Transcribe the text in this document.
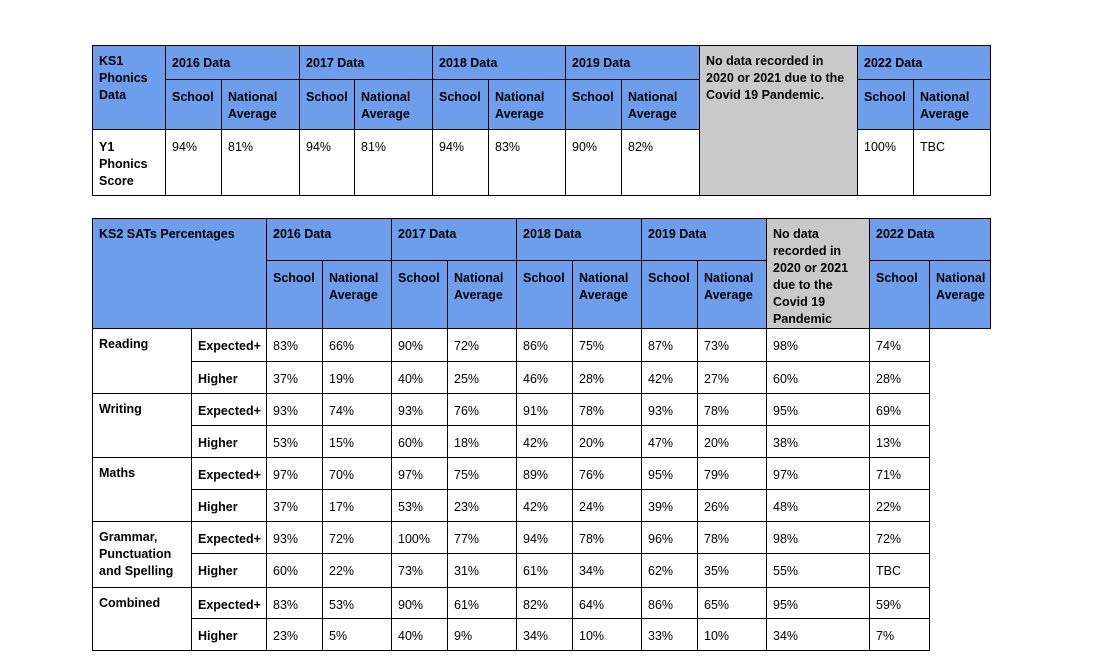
KS1 Phonics Data	2016 Data		2017 Data		2018 Data		2019 Data		No data recorded in 2020 or 2021 due to the Covid 19 Pandemic.	2022 Data	
	School	National Average	School	National Average	School	National Average	School	National Average		School	National Average
Y1 Phonics Score	94%	81%	94%	81%	94%	83%	90%	82%		100%	TBC
KS2 SATs Percentages		2016 Data		2017 Data		2018 Data		2019 Data		No data recorded in 2020 or 2021 due to the Covid 19 Pandemic	2022 Data	
		School	National Average	School	National Average	School	National Average	School	National Average		School	National Average
Reading	Expected+	83%	66%	90%	72%	86%	75%	87%	73%	98%	74%	
	Higher	37%	19%	40%	25%	46%	28%	42%	27%	60%	28%	
Writing	Expected+	93%	74%	93%	76%	91%	78%	93%	78%	95%	69%	
	Higher	53%	15%	60%	18%	42%	20%	47%	20%	38%	13%	
Maths	Expected+	97%	70%	97%	75%	89%	76%	95%	79%	97%	71%	
	Higher	37%	17%	53%	23%	42%	24%	39%	26%	48%	22%	
Grammar, Punctuation and Spelling	Expected+	93%	72%	100%	77%	94%	78%	96%	78%	98%	72%	
	Higher	60%	22%	73%	31%	61%	34%	62%	35%	55%	TBC	
Combined	Expected+	83%	53%	90%	61%	82%	64%	86%	65%	95%	59%	
	Higher	23%	5%	40%	9%	34%	10%	33%	10%	34%	7%	
